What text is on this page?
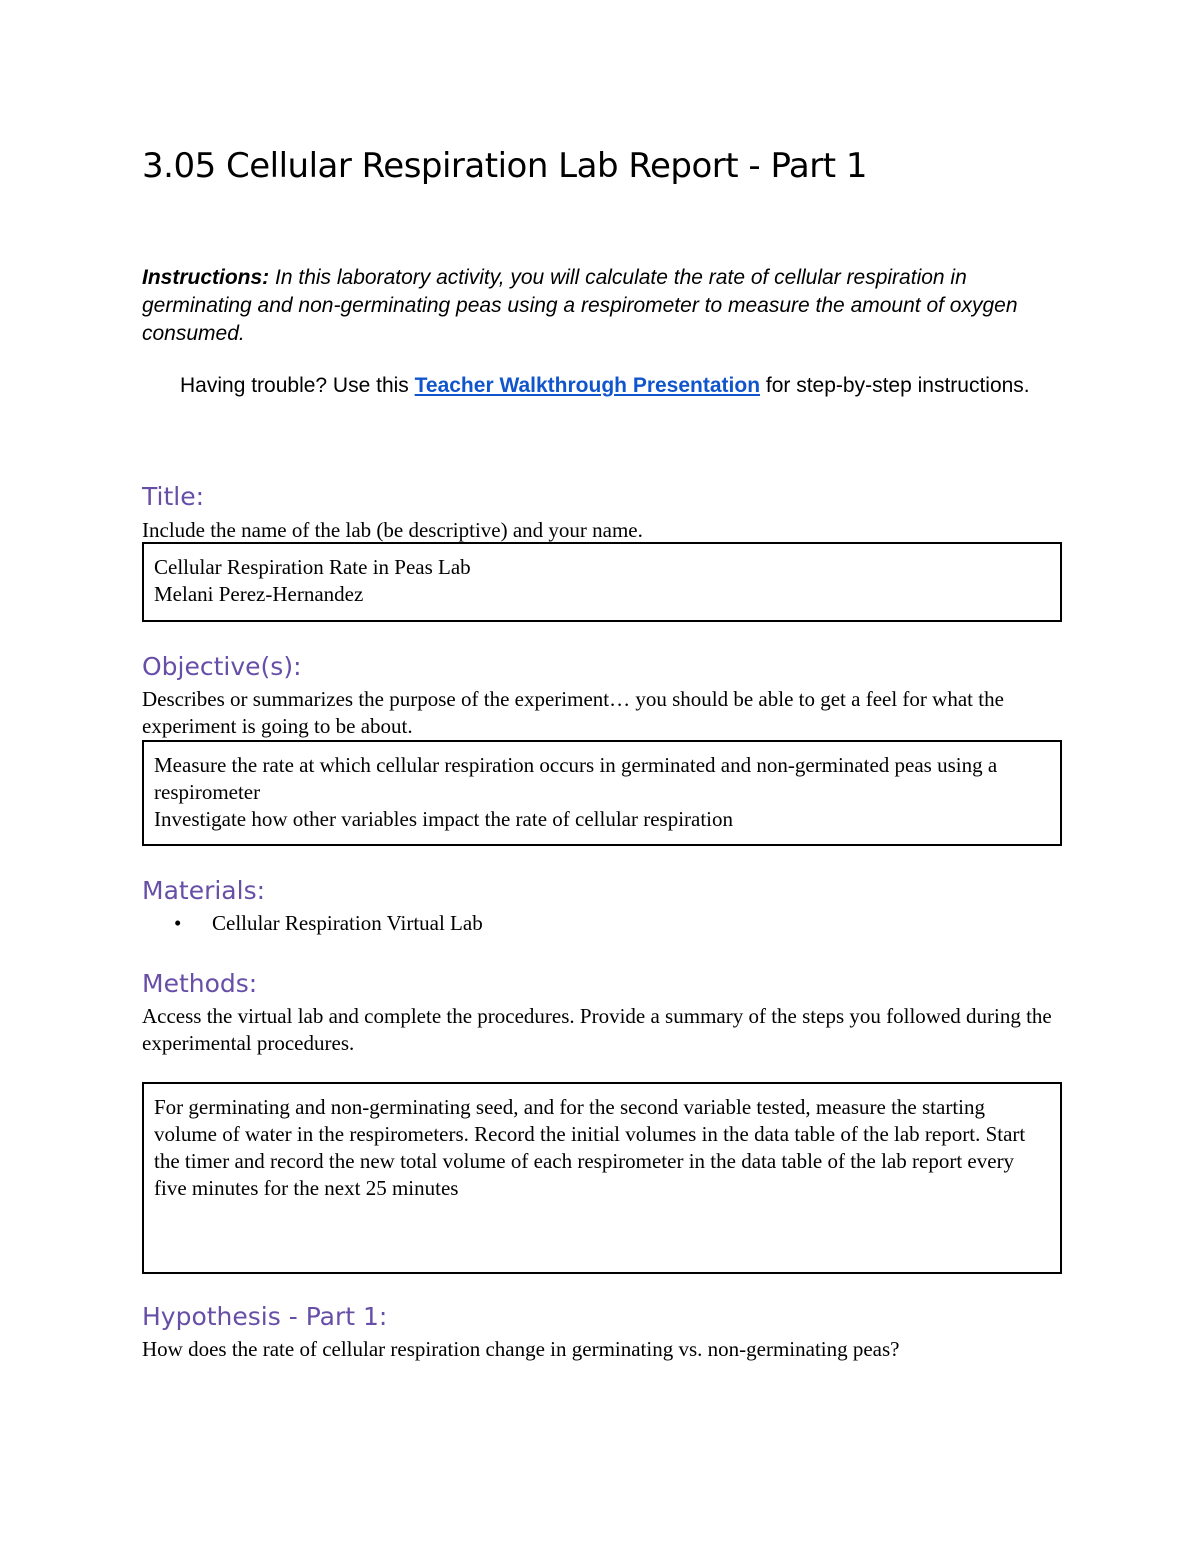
3.05 Cellular Respiration Lab Report - Part 1

Instructions: In this laboratory activity, you will calculate the rate of cellular respiration in germinating and non-germinating peas using a respirometer to measure the amount of oxygen consumed.

Having trouble? Use this Teacher Walkthrough Presentation for step-by-step instructions.

Title:

Include the name of the lab (be descriptive) and your name.

Cellular Respiration Rate in Peas Lab
Melani Perez-Hernandez
Objective(s):

Describes or summarizes the purpose of the experiment… you should be able to get a feel for what the experiment is going to be about.

Measure the rate at which cellular respiration occurs in germinated and non-germinated peas using a respirometer
Investigate how other variables impact the rate of cellular respiration
Materials:
• Cellular Respiration Virtual Lab
Methods:

Access the virtual lab and complete the procedures. Provide a summary of the steps you followed during the experimental procedures.

For germinating and non-germinating seed, and for the second variable tested, measure the starting volume of water in the respirometers. Record the initial volumes in the data table of the lab report. Start the timer and record the new total volume of each respirometer in the data table of the lab report every five minutes for the next 25 minutes
Hypothesis - Part 1:

How does the rate of cellular respiration change in germinating vs. non-germinating peas?
